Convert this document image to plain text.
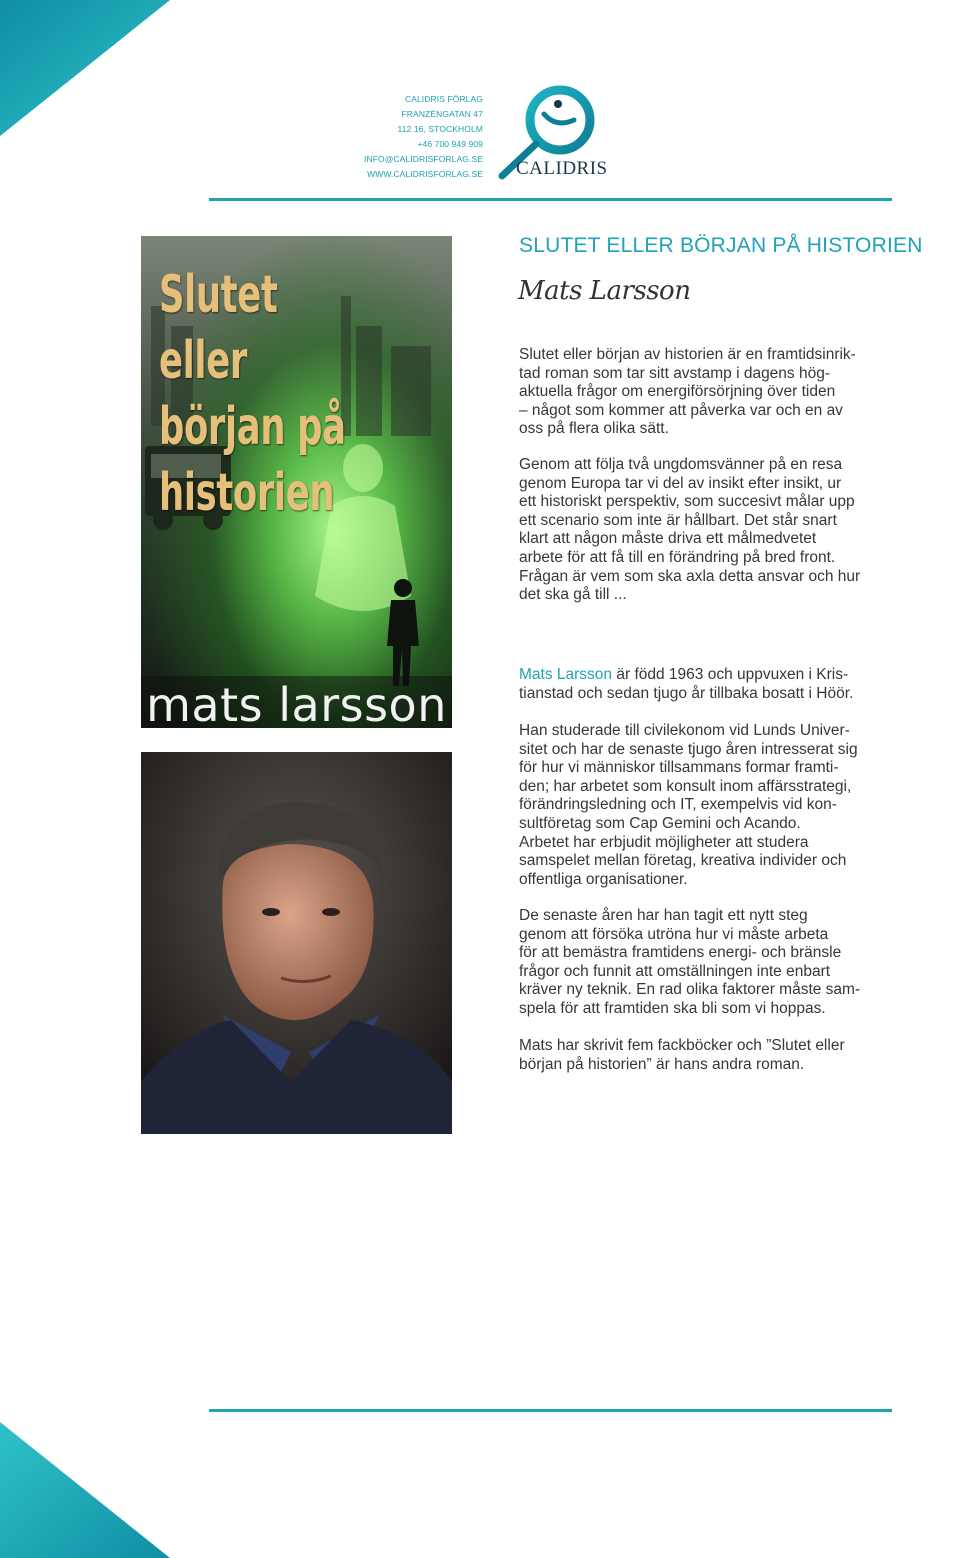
CALIDRIS FÖRLAG
FRANZÉNGATAN 47
112 16, STOCKHOLM
+46 700 949 909
INFO@CALIDRISFORLAG.SE
WWW.CALIDRISFORLAG.SE CALIDRIS
Slutet eller
början på
historien
mats larsson
SLUTET ELLER BÖRJAN PÅ HISTORIEN
Mats Larsson

Slutet eller början av historien är en framtidsinrik-

tad roman som tar sitt avstamp i dagens hög-

aktuella frågor om energiförsörjning över tiden

– något som kommer att påverka var och en av

oss på flera olika sätt.

Genom att följa två ungdomsvänner på en resa

genom Europa tar vi del av insikt efter insikt, ur

ett historiskt perspektiv, som succesivt målar upp

ett scenario som inte är hållbart. Det står snart

klart att någon måste driva ett målmedvetet

arbete för att få till en förändring på bred front.

Frågan är vem som ska axla detta ansvar och hur

det ska gå till ...

Mats Larsson är född 1963 och uppvuxen i Kris-

tianstad och sedan tjugo år tillbaka bosatt i Höör.

Han studerade till civilekonom vid Lunds Univer-

sitet och har de senaste tjugo åren intresserat sig

för hur vi människor tillsammans formar framti-

den; har arbetet som konsult inom affärsstrategi,

förändringsledning och IT, exempelvis vid kon-

sultföretag som Cap Gemini och Acando.

Arbetet har erbjudit möjligheter att studera

samspelet mellan företag, kreativa individer och

offentliga organisationer.

De senaste åren har han tagit ett nytt steg

genom att försöka utröna hur vi måste arbeta

för att bemästra framtidens energi- och bränsle

frågor och funnit att omställningen inte enbart

kräver ny teknik. En rad olika faktorer måste sam-

spela för att framtiden ska bli som vi hoppas.

Mats har skrivit fem fackböcker och ”Slutet eller

början på historien” är hans andra roman.
